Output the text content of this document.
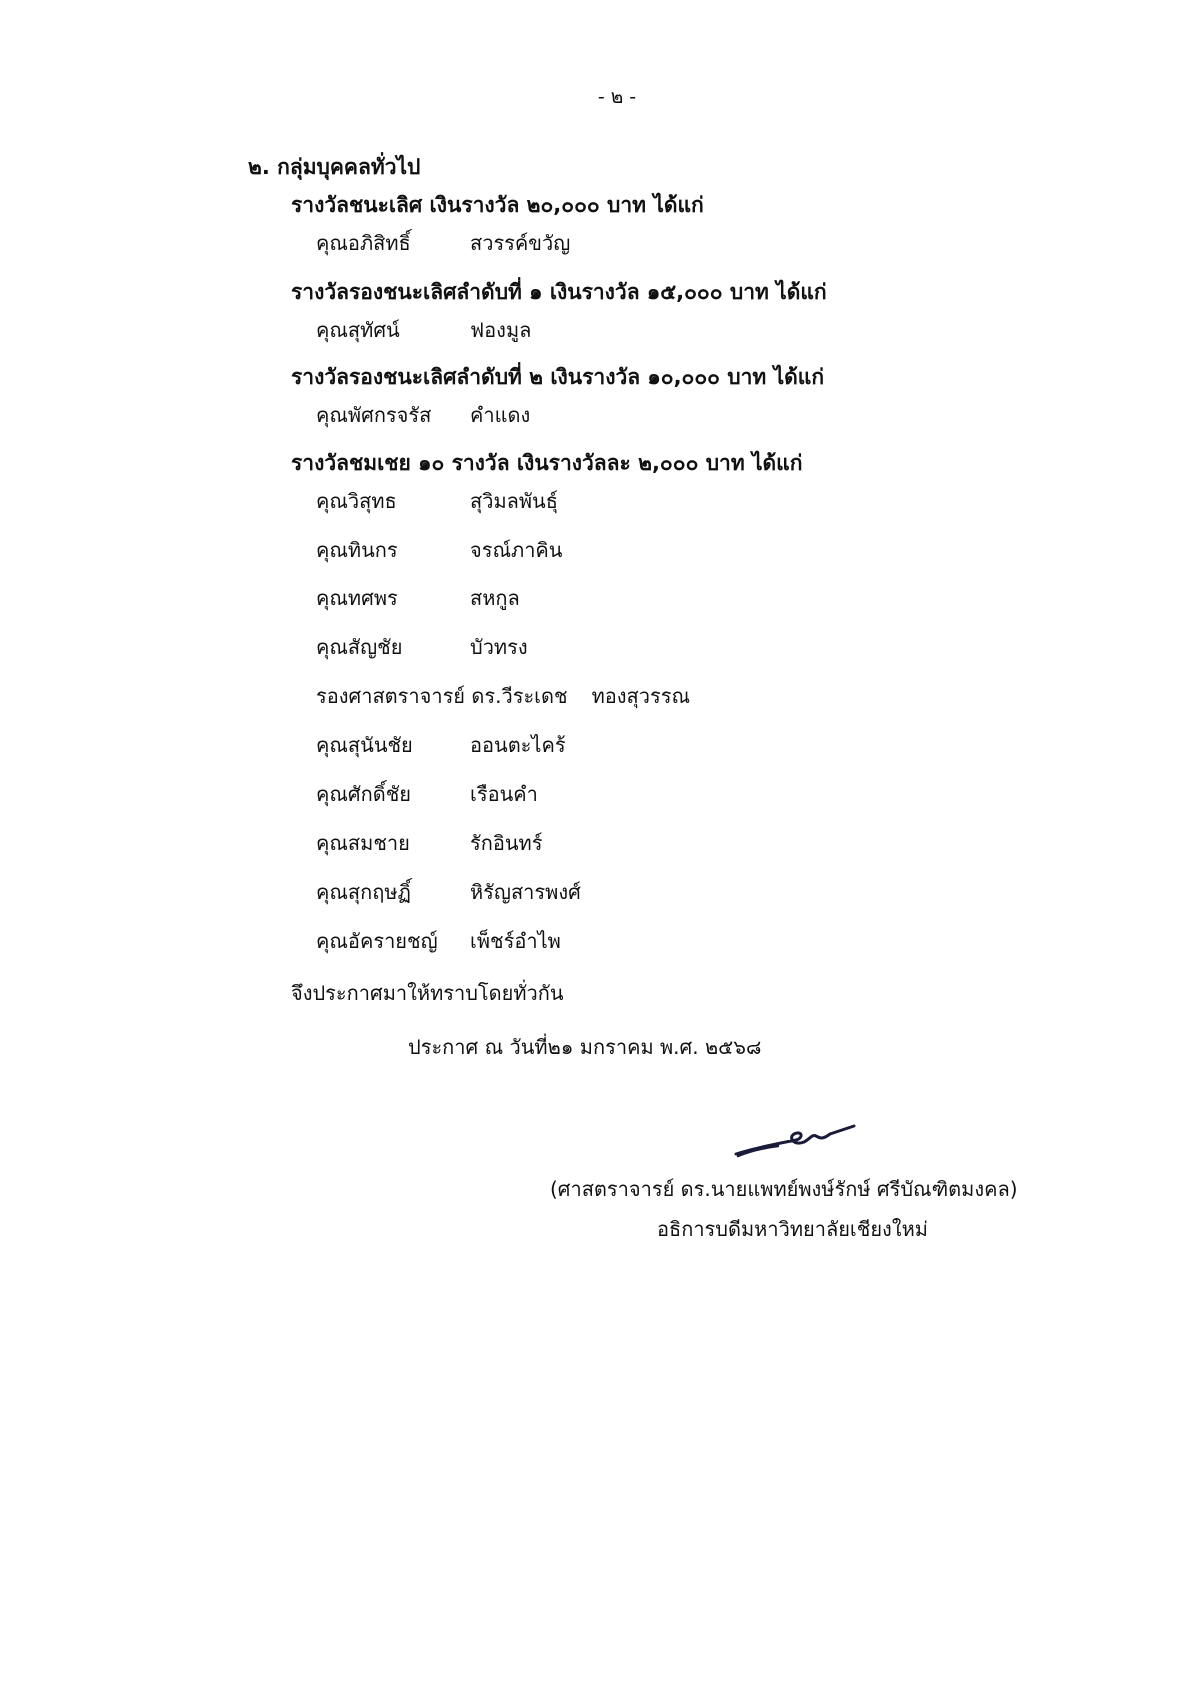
- ๒ -
๒. กลุ่มบุคคลทั่วไป
รางวัลชนะเลิศ เงินรางวัล ๒๐,๐๐๐ บาท ได้แก่
คุณอภิสิทธิ์	สวรรค์ขวัญ
รางวัลรองชนะเลิศลำดับที่ ๑ เงินรางวัล ๑๕,๐๐๐ บาท ได้แก่
คุณสุทัศน์	ฟองมูล
รางวัลรองชนะเลิศลำดับที่ ๒ เงินรางวัล ๑๐,๐๐๐ บาท ได้แก่
คุณพัศกรจรัส คำแดง
รางวัลชมเชย ๑๐ รางวัล เงินรางวัลละ ๒,๐๐๐ บาท ได้แก่
คุณวิสุทธ	สุวิมลพันธุ์
คุณทินกร	จรณ์ภาคิน
คุณทศพร	สหกูล
คุณสัญชัย	บัวทรง
รองศาสตราจารย์ ดร.วีระเดช ทองสุวรรณ
คุณสุนันชัย	ออนตะไคร้
คุณศักดิ์ชัย	เรือนคำ
คุณสมชาย	รักอินทร์
คุณสุกฤษฏิ์	หิรัญสารพงศ์
คุณอัครายชญ์ เพ็ชร์อำไพ
จึงประกาศมาให้ทราบโดยทั่วกัน
ประกาศ ณ วันที่๒๑ มกราคม พ.ศ. ๒๕๖๘
(ศาสตราจารย์ ดร.นายแพทย์พงษ์รักษ์ ศรีบัณฑิตมงคล)
อธิการบดีมหาวิทยาลัยเชียงใหม่
